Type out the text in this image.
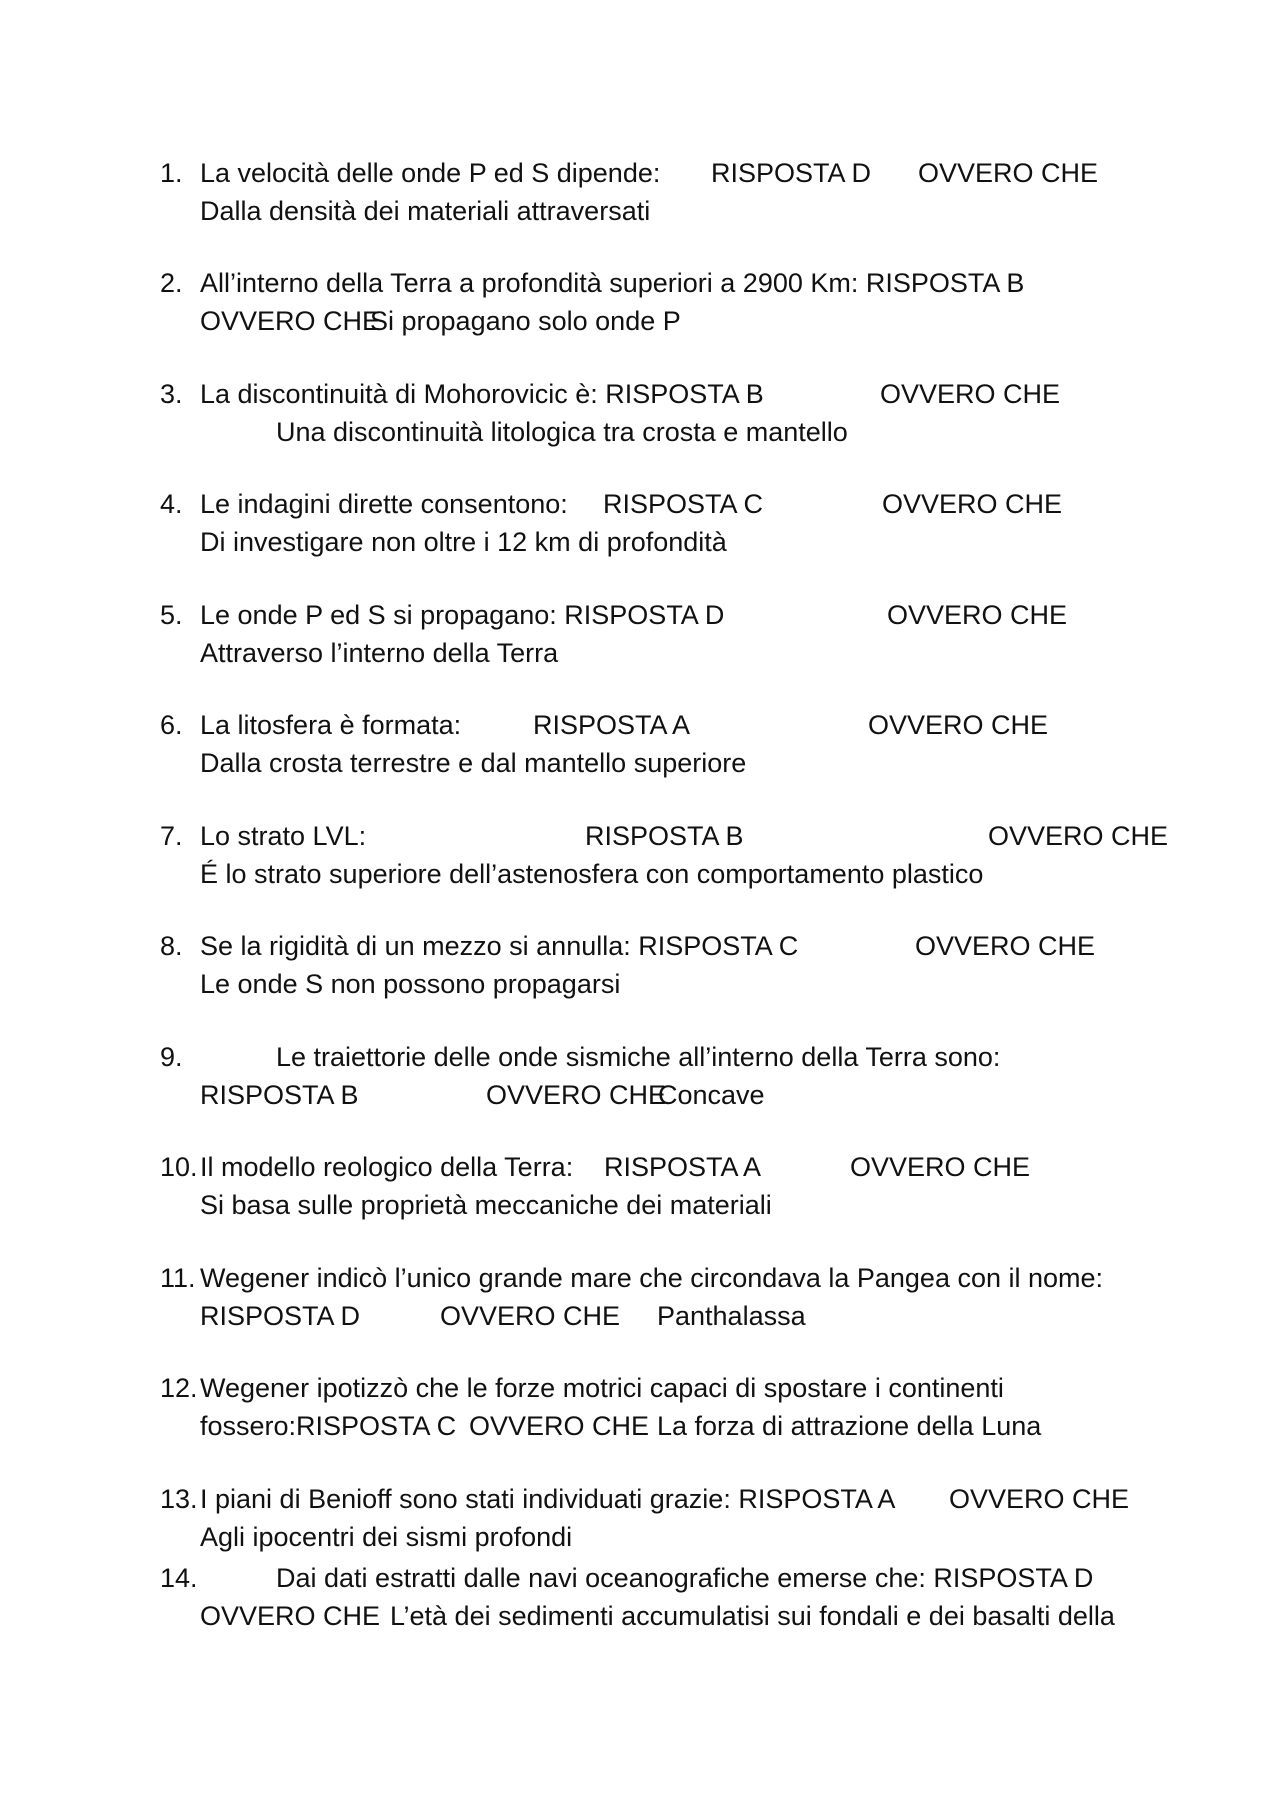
1. La velocità delle onde P ed S dipende: RISPOSTA D OVVERO CHE
Dalla densità dei materiali attraversati
2. All’interno della Terra a profondità superiori a 2900 Km: RISPOSTA B
OVVERO CHE
Si propagano solo onde P
3. La discontinuità di Mohorovicic è: RISPOSTA B	OVVERO CHE
Una discontinuità litologica tra crosta e mantello
4. Le indagini dirette consentono: RISPOSTA C	OVVERO CHE
Di investigare non oltre i 12 km di profondità
5. Le onde P ed S si propagano: RISPOSTA D	OVVERO CHE
Attraverso l’interno della Terra
6. La litosfera è formata:	RISPOSTA A	OVVERO CHE
Dalla crosta terrestre e dal mantello superiore
7. Lo strato LVL:	RISPOSTA B	OVVERO CHE
É lo strato superiore dell’astenosfera con comportamento plastico
8. Se la rigidità di un mezzo si annulla: RISPOSTA C	OVVERO CHE
Le onde S non possono propagarsi
9.	Le traiettorie delle onde sismiche all’interno della Terra sono:
RISPOSTA B	OVVERO CHE
Concave
10. Il modello reologico della Terra: RISPOSTA A	OVVERO CHE
Si basa sulle proprietà meccaniche dei materiali
11. Wegener indicò l’unico grande mare che circondava la Pangea con il nome:
RISPOSTA D	OVVERO CHE Panthalassa
12. Wegener ipotizzò che le forze motrici capaci di spostare i continenti
fossero:RISPOSTA C OVVERO CHE La forza di attrazione della Luna
13. I piani di Benioff sono stati individuati grazie: RISPOSTA A OVVERO CHE
Agli ipocentri dei sismi profondi
14.	Dai dati estratti dalle navi oceanografiche emerse che: RISPOSTA D
OVVERO CHE L’età dei sedimenti accumulatisi sui fondali e dei basalti della
